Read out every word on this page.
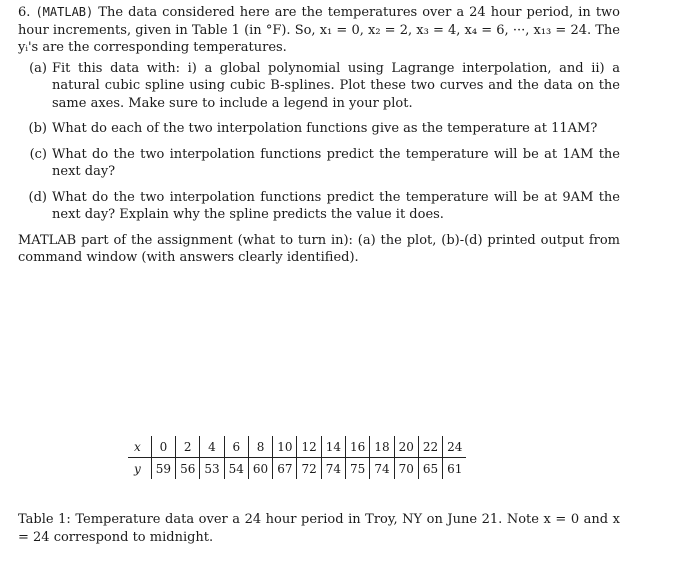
6. (MATLAB) The data considered here are the temperatures over a 24 hour period, in two hour increments, given in Table 1 (in °F). So, x₁ = 0, x₂ = 2, x₃ = 4, x₄ = 6, ···, x₁₃ = 24. The yᵢ's are the corresponding temperatures.

(a) Fit this data with: i) a global polynomial using Lagrange interpolation, and ii) a natural cubic spline using cubic B-splines. Plot these two curves and the data on the same axes. Make sure to include a legend in your plot.
(b) What do each of the two interpolation functions give as the temperature at 11AM?
(c) What do the two interpolation functions predict the temperature will be at 1AM the next day?
(d) What do the two interpolation functions predict the temperature will be at 9AM the next day? Explain why the spline predicts the value it does.

MATLAB part of the assignment (what to turn in): (a) the plot, (b)-(d) printed output from command window (with answers clearly identified).

x	0	2	4	6	8	10	12	14	16	18	20	22	24
y	59	56	53	54	60	67	72	74	75	74	70	65	61

Table 1: Temperature data over a 24 hour period in Troy, NY on June 21. Note x = 0 and x = 24 correspond to midnight.
